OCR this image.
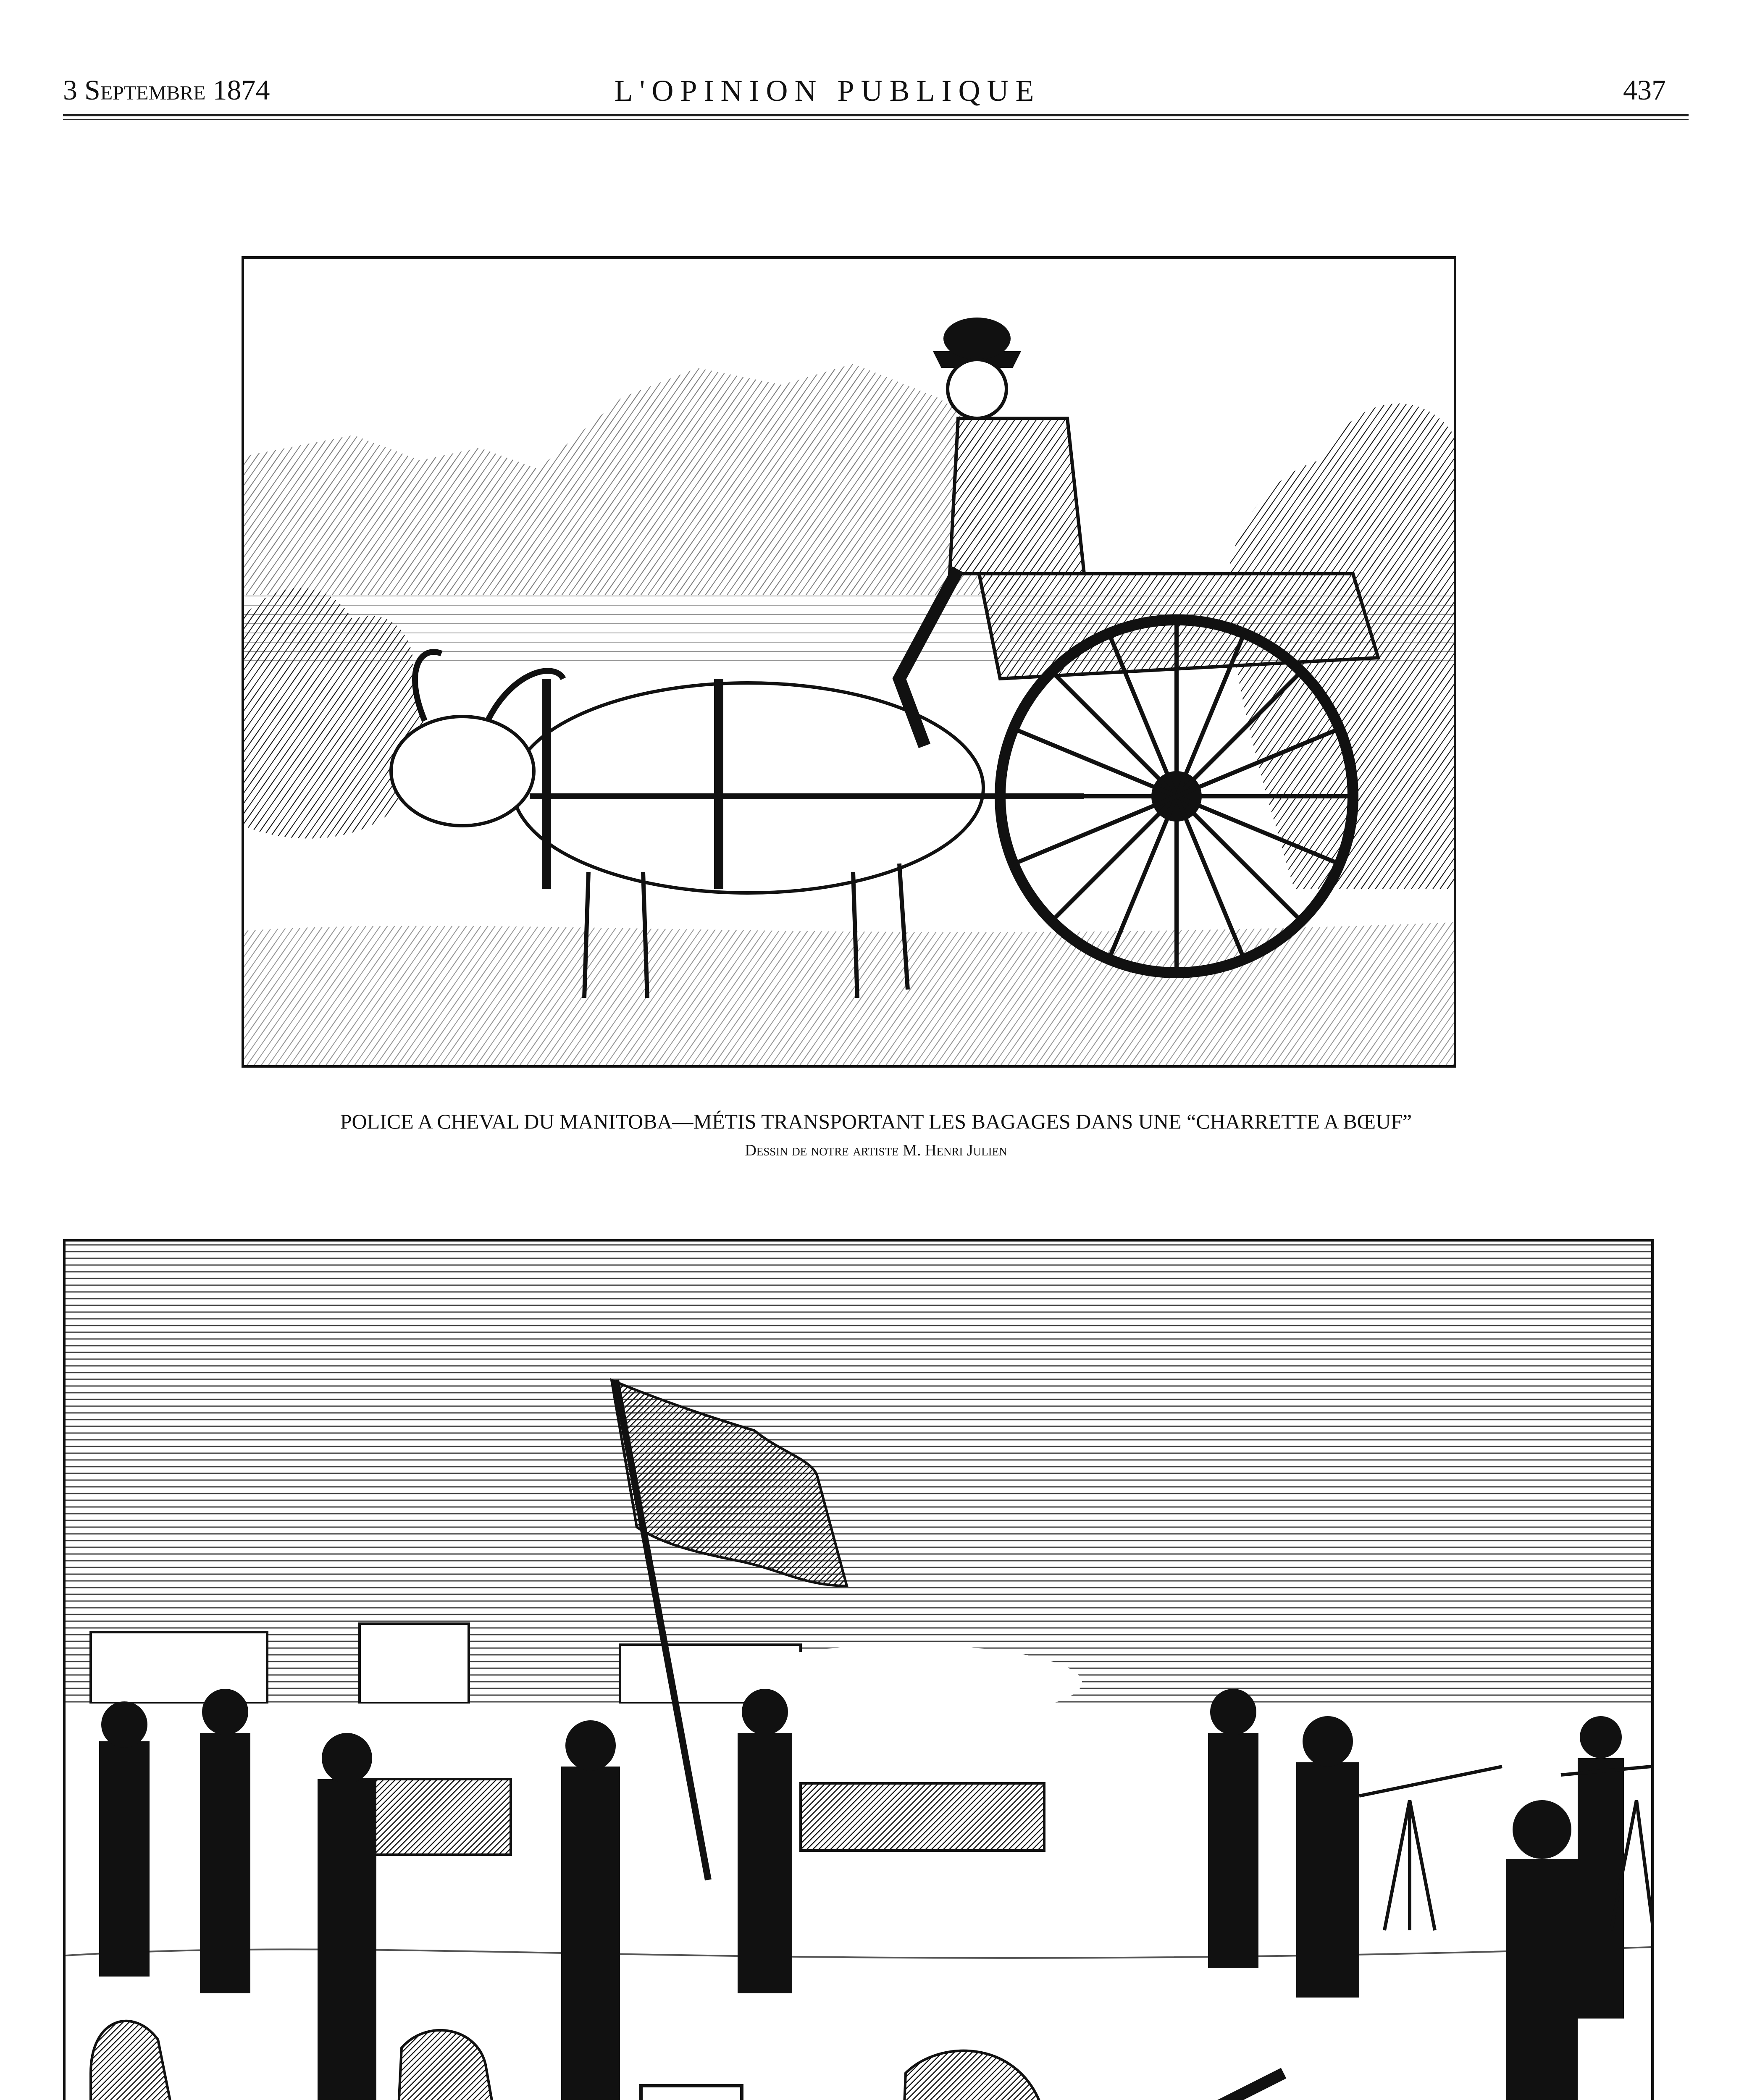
3 Septembre 1874	L'OPINION PUBLIQUE	437
POLICE A CHEVAL DU MANITOBA—MÉTIS TRANSPORTANT LES BAGAGES DANS UNE “CHARRETTE A BŒUF”
Dessin de notre artiste M. Henri Julien
